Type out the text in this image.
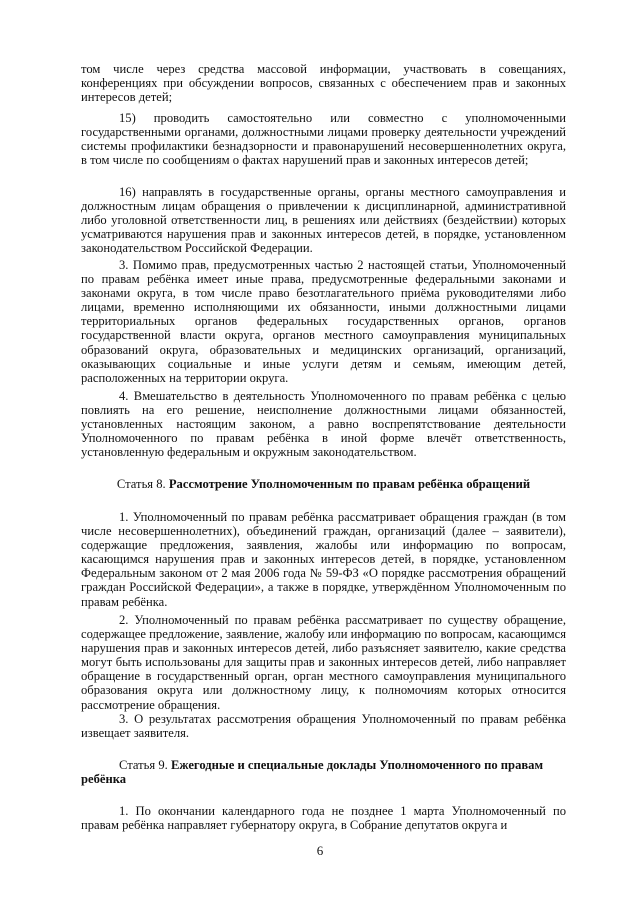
том числе через средства массовой информации, участвовать в совещаниях, конференциях при обсуждении вопросов, связанных с обеспечением прав и законных интересов детей;

15) проводить самостоятельно или совместно с уполномоченными государственными органами, должностными лицами проверку деятельности учреждений системы профилактики безнадзорности и правонарушений несовершеннолетних округа, в том числе по сообщениям о фактах нарушений прав и законных интересов детей;

16) направлять в государственные органы, органы местного самоуправления и должностным лицам обращения о привлечении к дисциплинарной, административной либо уголовной ответственности лиц, в решениях или действиях (бездействии) которых усматриваются нарушения прав и законных интересов детей, в порядке, установленном законодательством Российской Федерации.

3. Помимо прав, предусмотренных частью 2 настоящей статьи, Уполномоченный по правам ребёнка имеет иные права, предусмотренные федеральными законами и законами округа, в том числе право безотлагательного приёма руководителями либо лицами, временно исполняющими их обязанности, иными должностными лицами территориальных органов федеральных государственных органов, органов государственной власти округа, органов местного самоуправления муниципальных образований округа, образовательных и медицинских организаций, организаций, оказывающих социальные и иные услуги детям и семьям, имеющим детей, расположенных на территории округа.

4. Вмешательство в деятельность Уполномоченного по правам ребёнка с целью повлиять на его решение, неисполнение должностными лицами обязанностей, установленных настоящим законом, а равно воспрепятствование деятельности Уполномоченного по правам ребёнка в иной форме влечёт ответственность, установленную федеральным и окружным законодательством.

Статья 8. Рассмотрение Уполномоченным по правам ребёнка обращений

1. Уполномоченный по правам ребёнка рассматривает обращения граждан (в том числе несовершеннолетних), объединений граждан, организаций (далее – заявители), содержащие предложения, заявления, жалобы или информацию по вопросам, касающимся нарушения прав и законных интересов детей, в порядке, установленном Федеральным законом от 2 мая 2006 года № 59-ФЗ «О порядке рассмотрения обращений граждан Российской Федерации», а также в порядке, утверждённом Уполномоченным по правам ребёнка.

2. Уполномоченный по правам ребёнка рассматривает по существу обращение, содержащее предложение, заявление, жалобу или информацию по вопросам, касающимся нарушения прав и законных интересов детей, либо разъясняет заявителю, какие средства могут быть использованы для защиты прав и законных интересов детей, либо направляет обращение в государственный орган, орган местного самоуправления муниципального образования округа или должностному лицу, к полномочиям которых относится рассмотрение обращения.

3. О результатах рассмотрения обращения Уполномоченный по правам ребёнка извещает заявителя.

Статья 9. Ежегодные и специальные доклады Уполномоченного по правам ребёнка

1. По окончании календарного года не позднее 1 марта Уполномоченный по правам ребёнка направляет губернатору округа, в Собрание депутатов округа и

6
